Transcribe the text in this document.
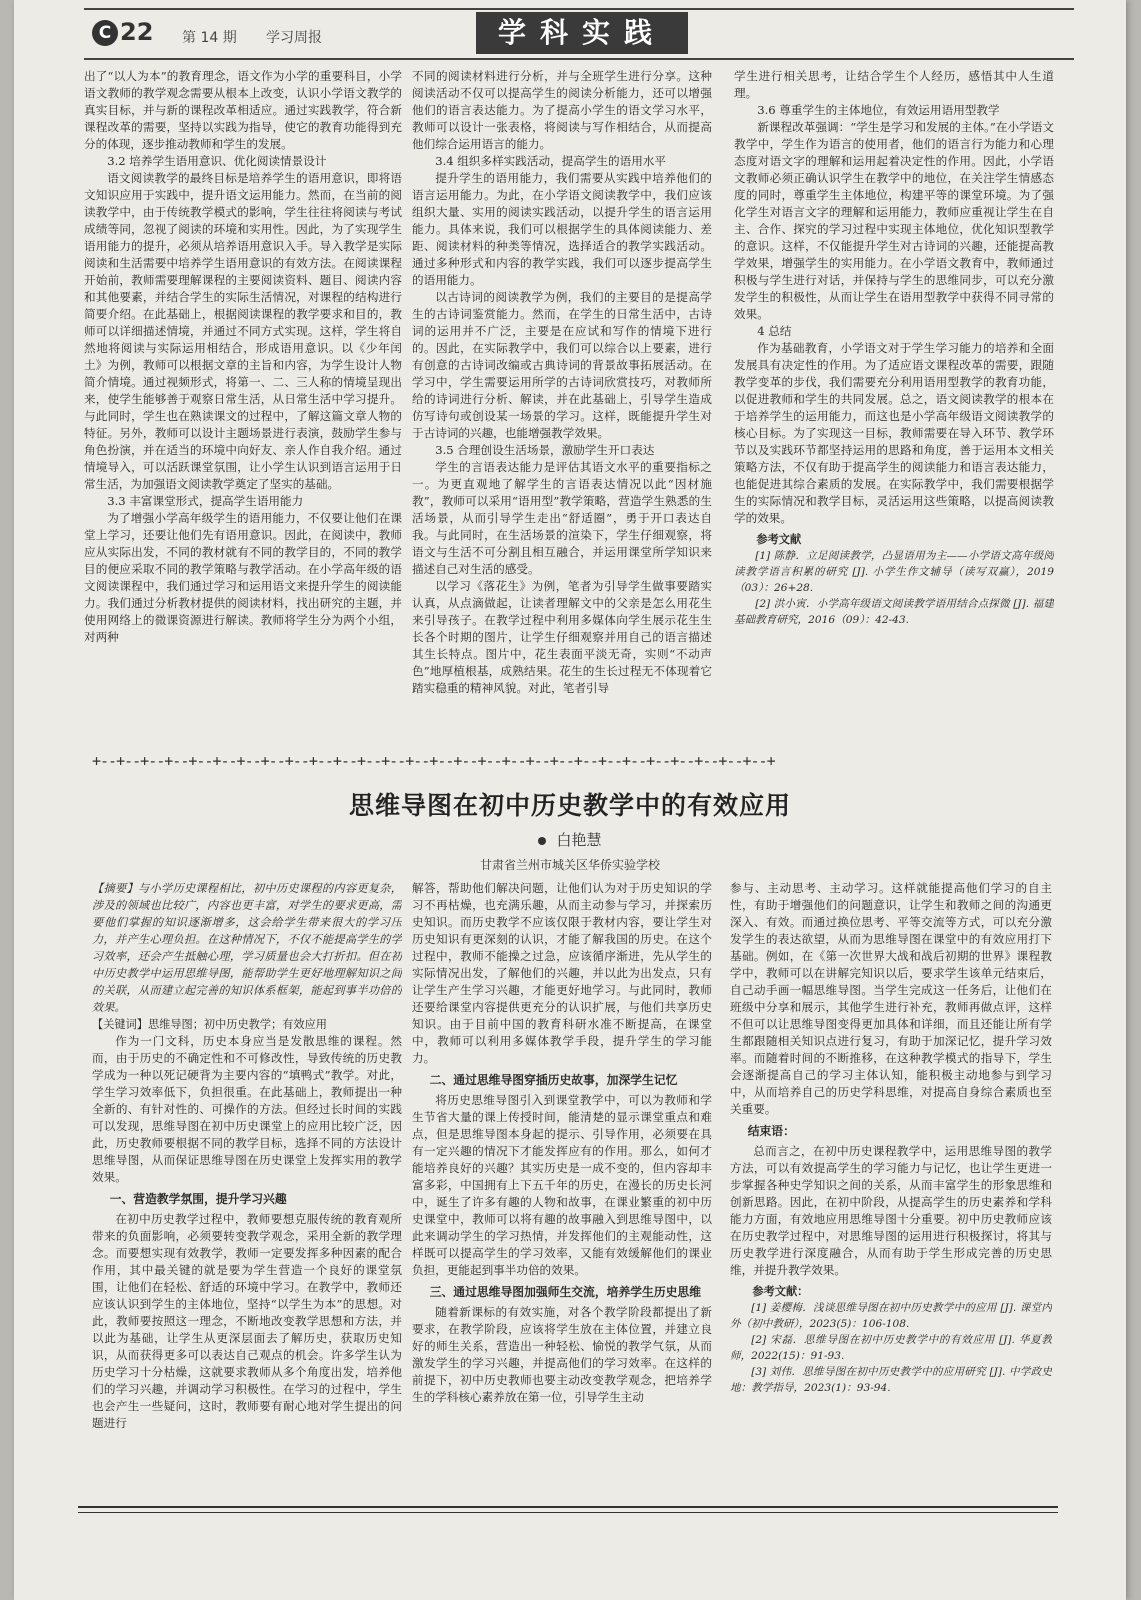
C 22 第 14 期 学习周报	学科实践

出了“以人为本”的教育理念，语文作为小学的重要科目，小学语文教师的教学观念需要从根本上改变，认识小学语文教学的真实目标，并与新的课程改革相适应。通过实践教学，符合新课程改革的需要，坚持以实践为指导，使它的教育功能得到充分的体现，逐步推动教师和学生的发展。

3.2 培养学生语用意识、优化阅读情景设计

语文阅读教学的最终目标是培养学生的语用意识，即将语文知识应用于实践中，提升语文运用能力。然而，在当前的阅读教学中，由于传统教学模式的影响，学生往往将阅读与考试成绩等同，忽视了阅读的环境和实用性。因此，为了实现学生语用能力的提升，必须从培养语用意识入手。导入教学是实际阅读和生活需要中培养学生语用意识的有效方法。在阅读课程开始前，教师需要理解课程的主要阅读资料、题目、阅读内容和其他要素，并结合学生的实际生活情况，对课程的结构进行简要介绍。在此基础上，根据阅读课程的教学要求和目的，教师可以详细描述情境，并通过不同方式实现。这样，学生将自然地将阅读与实际运用相结合，形成语用意识。以《少年闰土》为例，教师可以根据文章的主旨和内容，为学生设计人物简介情境。通过视频形式，将第一、二、三人称的情境呈现出来，使学生能够善于观察日常生活，从日常生活中学习提升。与此同时，学生也在熟读课文的过程中，了解这篇文章人物的特征。另外，教师可以设计主题场景进行表演，鼓励学生参与角色扮演，并在适当的环境中向好友、亲人作自我介绍。通过情境导入，可以活跃课堂氛围，让小学生认识到语言运用于日常生活，为加强语文阅读教学奠定了坚实的基础。

3.3 丰富课堂形式，提高学生语用能力

为了增强小学高年级学生的语用能力，不仅要让他们在课堂上学习，还要让他们先有语用意识。因此，在阅读中，教师应从实际出发，不同的教材就有不同的教学目的，不同的教学目的便应采取不同的教学策略与教学活动。在小学高年级的语文阅读课程中，我们通过学习和运用语文来提升学生的阅读能力。我们通过分析教材提供的阅读材料，找出研究的主题，并使用网络上的微课资源进行解读。教师将学生分为两个小组，对两种

不同的阅读材料进行分析，并与全班学生进行分享。这种阅读活动不仅可以提高学生的阅读分析能力，还可以增强他们的语言表达能力。为了提高小学生的语文学习水平，教师可以设计一张表格，将阅读与写作相结合，从而提高他们综合运用语言的能力。

3.4 组织多样实践活动，提高学生的语用水平

提升学生的语用能力，我们需要从实践中培养他们的语言运用能力。为此，在小学语文阅读教学中，我们应该组织大量、实用的阅读实践活动，以提升学生的语言运用能力。具体来说，我们可以根据学生的具体阅读能力、差距、阅读材料的种类等情况，选择适合的教学实践活动。通过多种形式和内容的教学实践，我们可以逐步提高学生的语用能力。

以古诗词的阅读教学为例，我们的主要目的是提高学生的古诗词鉴赏能力。然而，在学生的日常生活中，古诗词的运用并不广泛，主要是在应试和写作的情境下进行的。因此，在实际教学中，我们可以综合以上要素，进行有创意的古诗词改编或古典诗词的背景故事拓展活动。在学习中，学生需要运用所学的古诗词欣赏技巧，对教师所给的诗词进行分析、解读，并在此基础上，引导学生造成仿写诗句或创设某一场景的学习。这样，既能提升学生对于古诗词的兴趣，也能增强教学效果。

3.5 合理创设生活场景，激励学生开口表达

学生的言语表达能力是评估其语文水平的重要指标之一。为更直观地了解学生的言语表达情况以此“因材施教”，教师可以采用“语用型”教学策略，营造学生熟悉的生活场景，从而引导学生走出“舒适圈”，勇于开口表达自我。与此同时，在生活场景的渲染下，学生仔细观察，将语文与生活不可分割且相互融合，并运用课堂所学知识来描述自己对生活的感受。

以学习《落花生》为例，笔者为引导学生做事要踏实认真，从点滴做起，让读者理解文中的父亲是怎么用花生来引导孩子。在教学过程中利用多媒体向学生展示花生生长各个时期的图片，让学生仔细观察并用自己的语言描述其生长特点。图片中，花生表面平淡无奇，实则“不动声色”地厚植根基，成熟结果。花生的生长过程无不体现着它踏实稳重的精神风貌。对此，笔者引导

学生进行相关思考，让结合学生个人经历，感悟其中人生道理。

3.6 尊重学生的主体地位，有效运用语用型教学

新课程改革强调：“学生是学习和发展的主体。”在小学语文教学中，学生作为语言的使用者，他们的语言行为能力和心理态度对语文字的理解和运用起着决定性的作用。因此，小学语文教师必须正确认识学生在教学中的地位，在关注学生情感态度的同时，尊重学生主体地位，构建平等的课堂环境。为了强化学生对语言文字的理解和运用能力，教师应重视让学生在自主、合作、探究的学习过程中实现主体地位，优化知识型教学的意识。这样，不仅能提升学生对古诗词的兴趣，还能提高教学效果，增强学生的实用能力。在小学语文教育中，教师通过积极与学生进行对话，并保持与学生的思维同步，可以充分激发学生的积极性，从而让学生在语用型教学中获得不同寻常的效果。

4 总结

作为基础教育，小学语文对于学生学习能力的培养和全面发展具有决定性的作用。为了适应语文课程改革的需要，跟随教学变革的步伐，我们需要充分利用语用型教学的教育功能，以促进教师和学生的共同发展。总之，语文阅读教学的根本在于培养学生的运用能力，而这也是小学高年级语文阅读教学的核心目标。为了实现这一目标，教师需要在导入环节、教学环节以及实践环节都坚持运用的思路和角度，善于运用本文相关策略方法，不仅有助于提高学生的阅读能力和语言表达能力，也能促进其综合素质的发展。在实际教学中，我们需要根据学生的实际情况和教学目标，灵活运用这些策略，以提高阅读教学的效果。

参考文献

[1] 陈静．立足阅读教学，凸显语用为主——小学语文高年级阅读教学语言积累的研究 [J]. 小学生作文辅导（读写双赢），2019（03）：26+28.

[2] 洪小寅．小学高年级语文阅读教学语用结合点探微 [J]. 福建基础教育研究，2016（09）：42-43.

+--+--+--+--+--+--+--+--+--+--+--+--+--+--+--+--+--+--+--+--+--+--+--+--+--+--+--+--+
思维导图在初中历史教学中的有效应用
白艳慧
甘肃省兰州市城关区华侨实验学校

【摘要】与小学历史课程相比，初中历史课程的内容更复杂，涉及的领域也比较广，内容也更丰富，对学生的要求更高，需要他们掌握的知识逐渐增多，这会给学生带来很大的学习压力，并产生心理负担。在这种情况下，不仅不能提高学生的学习效率，还会产生抵触心理，学习质量也会大打折扣。但在初中历史教学中运用思维导图，能帮助学生更好地理解知识之间的关联，从而建立起完善的知识体系框架，能起到事半功倍的效果。

【关键词】思维导图；初中历史教学；有效应用

作为一门文科，历史本身应当是发散思维的课程。然而，由于历史的不确定性和不可修改性，导致传统的历史教学成为一种以死记硬背为主要内容的“填鸭式”教学。对此，学生学习效率低下，负担很重。在此基础上，教师提出一种全新的、有针对性的、可操作的方法。但经过长时间的实践可以发现，思维导图在初中历史课堂上的应用比较广泛，因此，历史教师要根据不同的教学目标，选择不同的方法设计思维导图，从而保证思维导图在历史课堂上发挥实用的教学效果。

一、营造教学氛围，提升学习兴趣

在初中历史教学过程中，教师要想克服传统的教育观所带来的负面影响，必须要转变教学观念，采用全新的教学理念。而要想实现有效教学，教师一定要发挥多种因素的配合作用，其中最关键的就是要为学生营造一个良好的课堂氛围，让他们在轻松、舒适的环境中学习。在教学中，教师还应该认识到学生的主体地位，坚持“以学生为本”的思想。对此，教师要按照这一理念，不断地改变教学思想和方法，并以此为基础，让学生从更深层面去了解历史，获取历史知识，从而获得更多可以表达自己观点的机会。许多学生认为历史学习十分枯燥，这就要求教师从多个角度出发，培养他们的学习兴趣，并调动学习积极性。在学习的过程中，学生也会产生一些疑问，这时，教师要有耐心地对学生提出的问题进行

解答，帮助他们解决问题，让他们认为对于历史知识的学习不再枯燥，也充满乐趣，从而主动参与学习，并探索历史知识。而历史教学不应该仅限于教材内容，要让学生对历史知识有更深刻的认识，才能了解我国的历史。在这个过程中，教师不能操之过急，应该循序渐进，先从学生的实际情况出发，了解他们的兴趣，并以此为出发点，只有让学生产生学习兴趣，才能更好地学习。与此同时，教师还要给课堂内容提供更充分的认识扩展，与他们共享历史知识。由于目前中国的教育科研水准不断提高，在课堂中，教师可以利用多媒体教学手段，提升学生的学习能力。

二、通过思维导图穿插历史故事，加深学生记忆

将历史思维导图引入到课堂教学中，可以为教师和学生节省大量的课上传授时间，能清楚的显示课堂重点和难点，但是思维导图本身起的提示、引导作用，必须要在具有一定兴趣的情况下才能发挥应有的作用。那么，如何才能培养良好的兴趣？其实历史是一成不变的，但内容却丰富多彩，中国拥有上下五千年的历史，在漫长的历史长河中，诞生了许多有趣的人物和故事，在课业繁重的初中历史课堂中，教师可以将有趣的故事融入到思维导图中，以此来调动学生的学习热情，并发挥他们的主观能动性，这样既可以提高学生的学习效率，又能有效缓解他们的课业负担，更能起到事半功倍的效果。

三、通过思维导图加强师生交流，培养学生历史思维

随着新课标的有效实施，对各个教学阶段都提出了新要求，在教学阶段，应该将学生放在主体位置，并建立良好的师生关系，营造出一种轻松、愉悦的教学气氛，从而激发学生的学习兴趣，并提高他们的学习效率。在这样的前提下，初中历史教师也要主动改变教学观念，把培养学生的学科核心素养放在第一位，引导学生主动

参与、主动思考、主动学习。这样就能提高他们学习的自主性，有助于增强他们的问题意识，让学生和教师之间的沟通更深入、有效。而通过换位思考、平等交流等方式，可以充分激发学生的表达欲望，从而为思维导图在课堂中的有效应用打下基础。例如，在《第一次世界大战和战后初期的世界》课程教学中，教师可以在讲解完知识以后，要求学生该单元结束后，自己动手画一幅思维导图。当学生完成这一任务后，让他们在班级中分享和展示，其他学生进行补充，教师再做点评，这样不但可以让思维导图变得更加具体和详细，而且还能让所有学生都跟随相关知识点进行复习，有助于加深记忆，提升学习效率。而随着时间的不断推移，在这种教学模式的指导下，学生会逐渐提高自己的学习主体认知，能积极主动地参与到学习中，从而培养自己的历史学科思维，对提高自身综合素质也至关重要。

结束语：

总而言之，在初中历史课程教学中，运用思维导图的教学方法，可以有效提高学生的学习能力与记忆，也让学生更进一步掌握各种史学知识之间的关系，从而丰富学生的形象思维和创新思路。因此，在初中阶段，从提高学生的历史素养和学科能力方面，有效地应用思维导图十分重要。初中历史教师应该在历史教学过程中，对思维导图的运用进行积极探讨，将其与历史教学进行深度融合，从而有助于学生形成完善的历史思维，并提升教学效果。

参考文献：

[1] 姜樱梅．浅谈思维导图在初中历史教学中的应用 [J]. 课堂内外（初中教研），2023(5)：106-108.

[2] 宋磊．思维导图在初中历史教学中的有效应用 [J]. 华夏教师，2022(15)：91-93.

[3] 刘伟．思维导图在初中历史教学中的应用研究 [J]. 中学政史地：教学指导，2023(1)：93-94.
